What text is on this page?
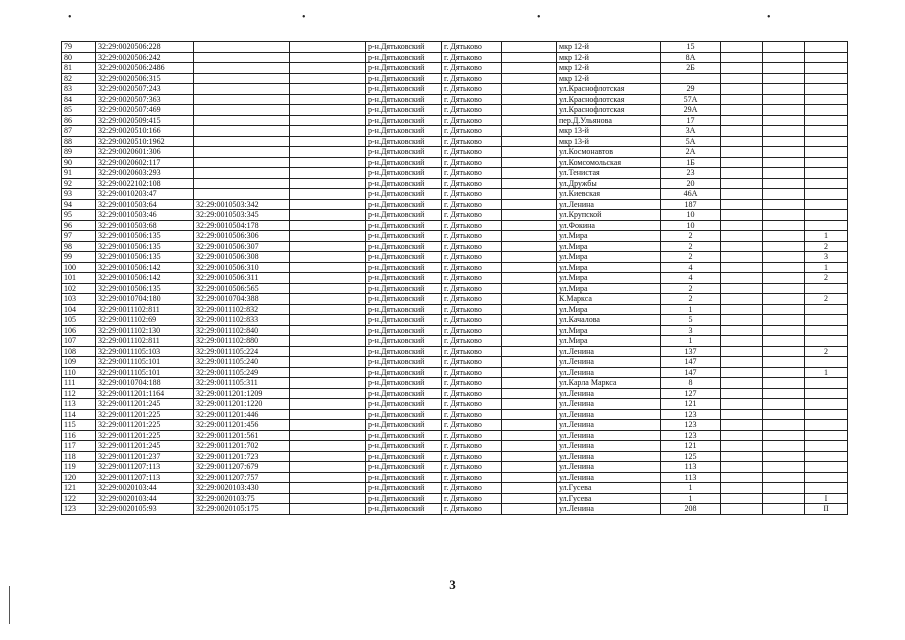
•	•	•	•
79	32:29:0020506:228			р-н.Дятьковский	г. Дятьково		мкр 12-й	15			
80	32:29:0020506:242			р-н.Дятьковский	г. Дятьково		мкр 12-й	8А			
81	32:29:0020506:2486			р-н.Дятьковский	г. Дятьково		мкр 12-й	2Б			
82	32:29:0020506:315			р-н.Дятьковский	г. Дятьково		мкр 12-й				
83	32:29:0020507:243			р-н.Дятьковский	г. Дятьково		ул.Краснофлотская	29			
84	32:29:0020507:363			р-н.Дятьковский	г. Дятьково		ул.Краснофлотская	57А			
85	32:29:0020507:469			р-н.Дятьковский	г. Дятьково		ул.Краснофлотская	29А			
86	32:29:0020509:415			р-н.Дятьковский	г. Дятьково		пер.Д.Ульянова	17			
87	32:29:0020510:166			р-н.Дятьковский	г. Дятьково		мкр 13-й	3А			
88	32:29:0020510:1962			р-н.Дятьковский	г. Дятьково		мкр 13-й	5А			
89	32:29:0020601:306			р-н.Дятьковский	г. Дятьково		ул.Космонавтов	2А			
90	32:29:0020602:117			р-н.Дятьковский	г. Дятьково		ул.Комсомольская	1Б			
91	32:29:0020603:293			р-н.Дятьковский	г. Дятьково		ул.Тенистая	23			
92	32:29:0022102:108			р-н.Дятьковский	г. Дятьково		ул.Дружбы	20			
93	32:29:0010203:47			р-н.Дятьковский	г. Дятьково		ул.Киевская	46А			
94	32:29:0010503:64	32:29:0010503:342		р-н.Дятьковский	г. Дятьково		ул.Ленина	187			
95	32:29:0010503:46	32:29:0010503:345		р-н.Дятьковский	г. Дятьково		ул.Крупской	10			
96	32:29:0010503:68	32:29:0010504:178		р-н.Дятьковский	г. Дятьково		ул.Фокина	10			
97	32:29:0010506:135	32:29:0010506:306		р-н.Дятьковский	г. Дятьково		ул.Мира	2			1
98	32:29:0010506:135	32:29:0010506:307		р-н.Дятьковский	г. Дятьково		ул.Мира	2			2
99	32:29:0010506:135	32:29:0010506:308		р-н.Дятьковский	г. Дятьково		ул.Мира	2			3
100	32:29:0010506:142	32:29:0010506:310		р-н.Дятьковский	г. Дятьково		ул.Мира	4			1
101	32:29:0010506:142	32:29:0010506:311		р-н.Дятьковский	г. Дятьково		ул.Мира	4			2
102	32:29:0010506:135	32:29:0010506:565		р-н.Дятьковский	г. Дятьково		ул.Мира	2			
103	32:29:0010704:180	32:29:0010704:388		р-н.Дятьковский	г. Дятьково		К.Маркса	2			2
104	32:29:0011102:811	32:29:0011102:832		р-н.Дятьковский	г. Дятьково		ул.Мира	1			
105	32:29:0011102:69	32:29:0011102:833		р-н.Дятьковский	г. Дятьково		ул.Качалова	5			
106	32:29:0011102:130	32:29:0011102:840		р-н.Дятьковский	г. Дятьково		ул.Мира	3			
107	32:29:0011102:811	32:29:0011102:880		р-н.Дятьковский	г. Дятьково		ул.Мира	1			
108	32:29:0011105:103	32:29:0011105:224		р-н.Дятьковский	г. Дятьково		ул.Ленина	137			2
109	32:29:0011105:101	32:29:0011105:240		р-н.Дятьковский	г. Дятьково		ул.Ленина	147			
110	32:29:0011105:101	32:29:0011105:249		р-н.Дятьковский	г. Дятьково		ул.Ленина	147			1
111	32:29:0010704:188	32:29:0011105:311		р-н.Дятьковский	г. Дятьково		ул.Карла Маркса	8			
112	32:29:0011201:1164	32:29:0011201:1209		р-н.Дятьковский	г. Дятьково		ул.Ленина	127			
113	32:29:0011201:245	32:29:0011201:1220		р-н.Дятьковский	г. Дятьково		ул.Ленина	121			
114	32:29:0011201:225	32:29:0011201:446		р-н.Дятьковский	г. Дятьково		ул.Ленина	123			
115	32:29:0011201:225	32:29:0011201:456		р-н.Дятьковский	г. Дятьково		ул.Ленина	123			
116	32:29:0011201:225	32:29:0011201:561		р-н.Дятьковский	г. Дятьково		ул.Ленина	123			
117	32:29:0011201:245	32:29:0011201:702		р-н.Дятьковский	г. Дятьково		ул.Ленина	121			
118	32:29:0011201:237	32:29:0011201:723		р-н.Дятьковский	г. Дятьково		ул.Ленина	125			
119	32:29:0011207:113	32:29:0011207:679		р-н.Дятьковский	г. Дятьково		ул.Ленина	113			
120	32:29:0011207:113	32:29:0011207:757		р-н.Дятьковский	г. Дятьково		ул.Ленина	113			
121	32:29:0020103:44	32:29:0020103:430		р-н.Дятьковский	г. Дятьково		ул.Гусева	1			
122	32:29:0020103:44	32:29:0020103:75		р-н.Дятьковский	г. Дятьково		ул.Гусева	1			I
123	32:29:0020105:93	32:29:0020105:175		р-н.Дятьковский	г. Дятьково		ул.Ленина	208			II
3
